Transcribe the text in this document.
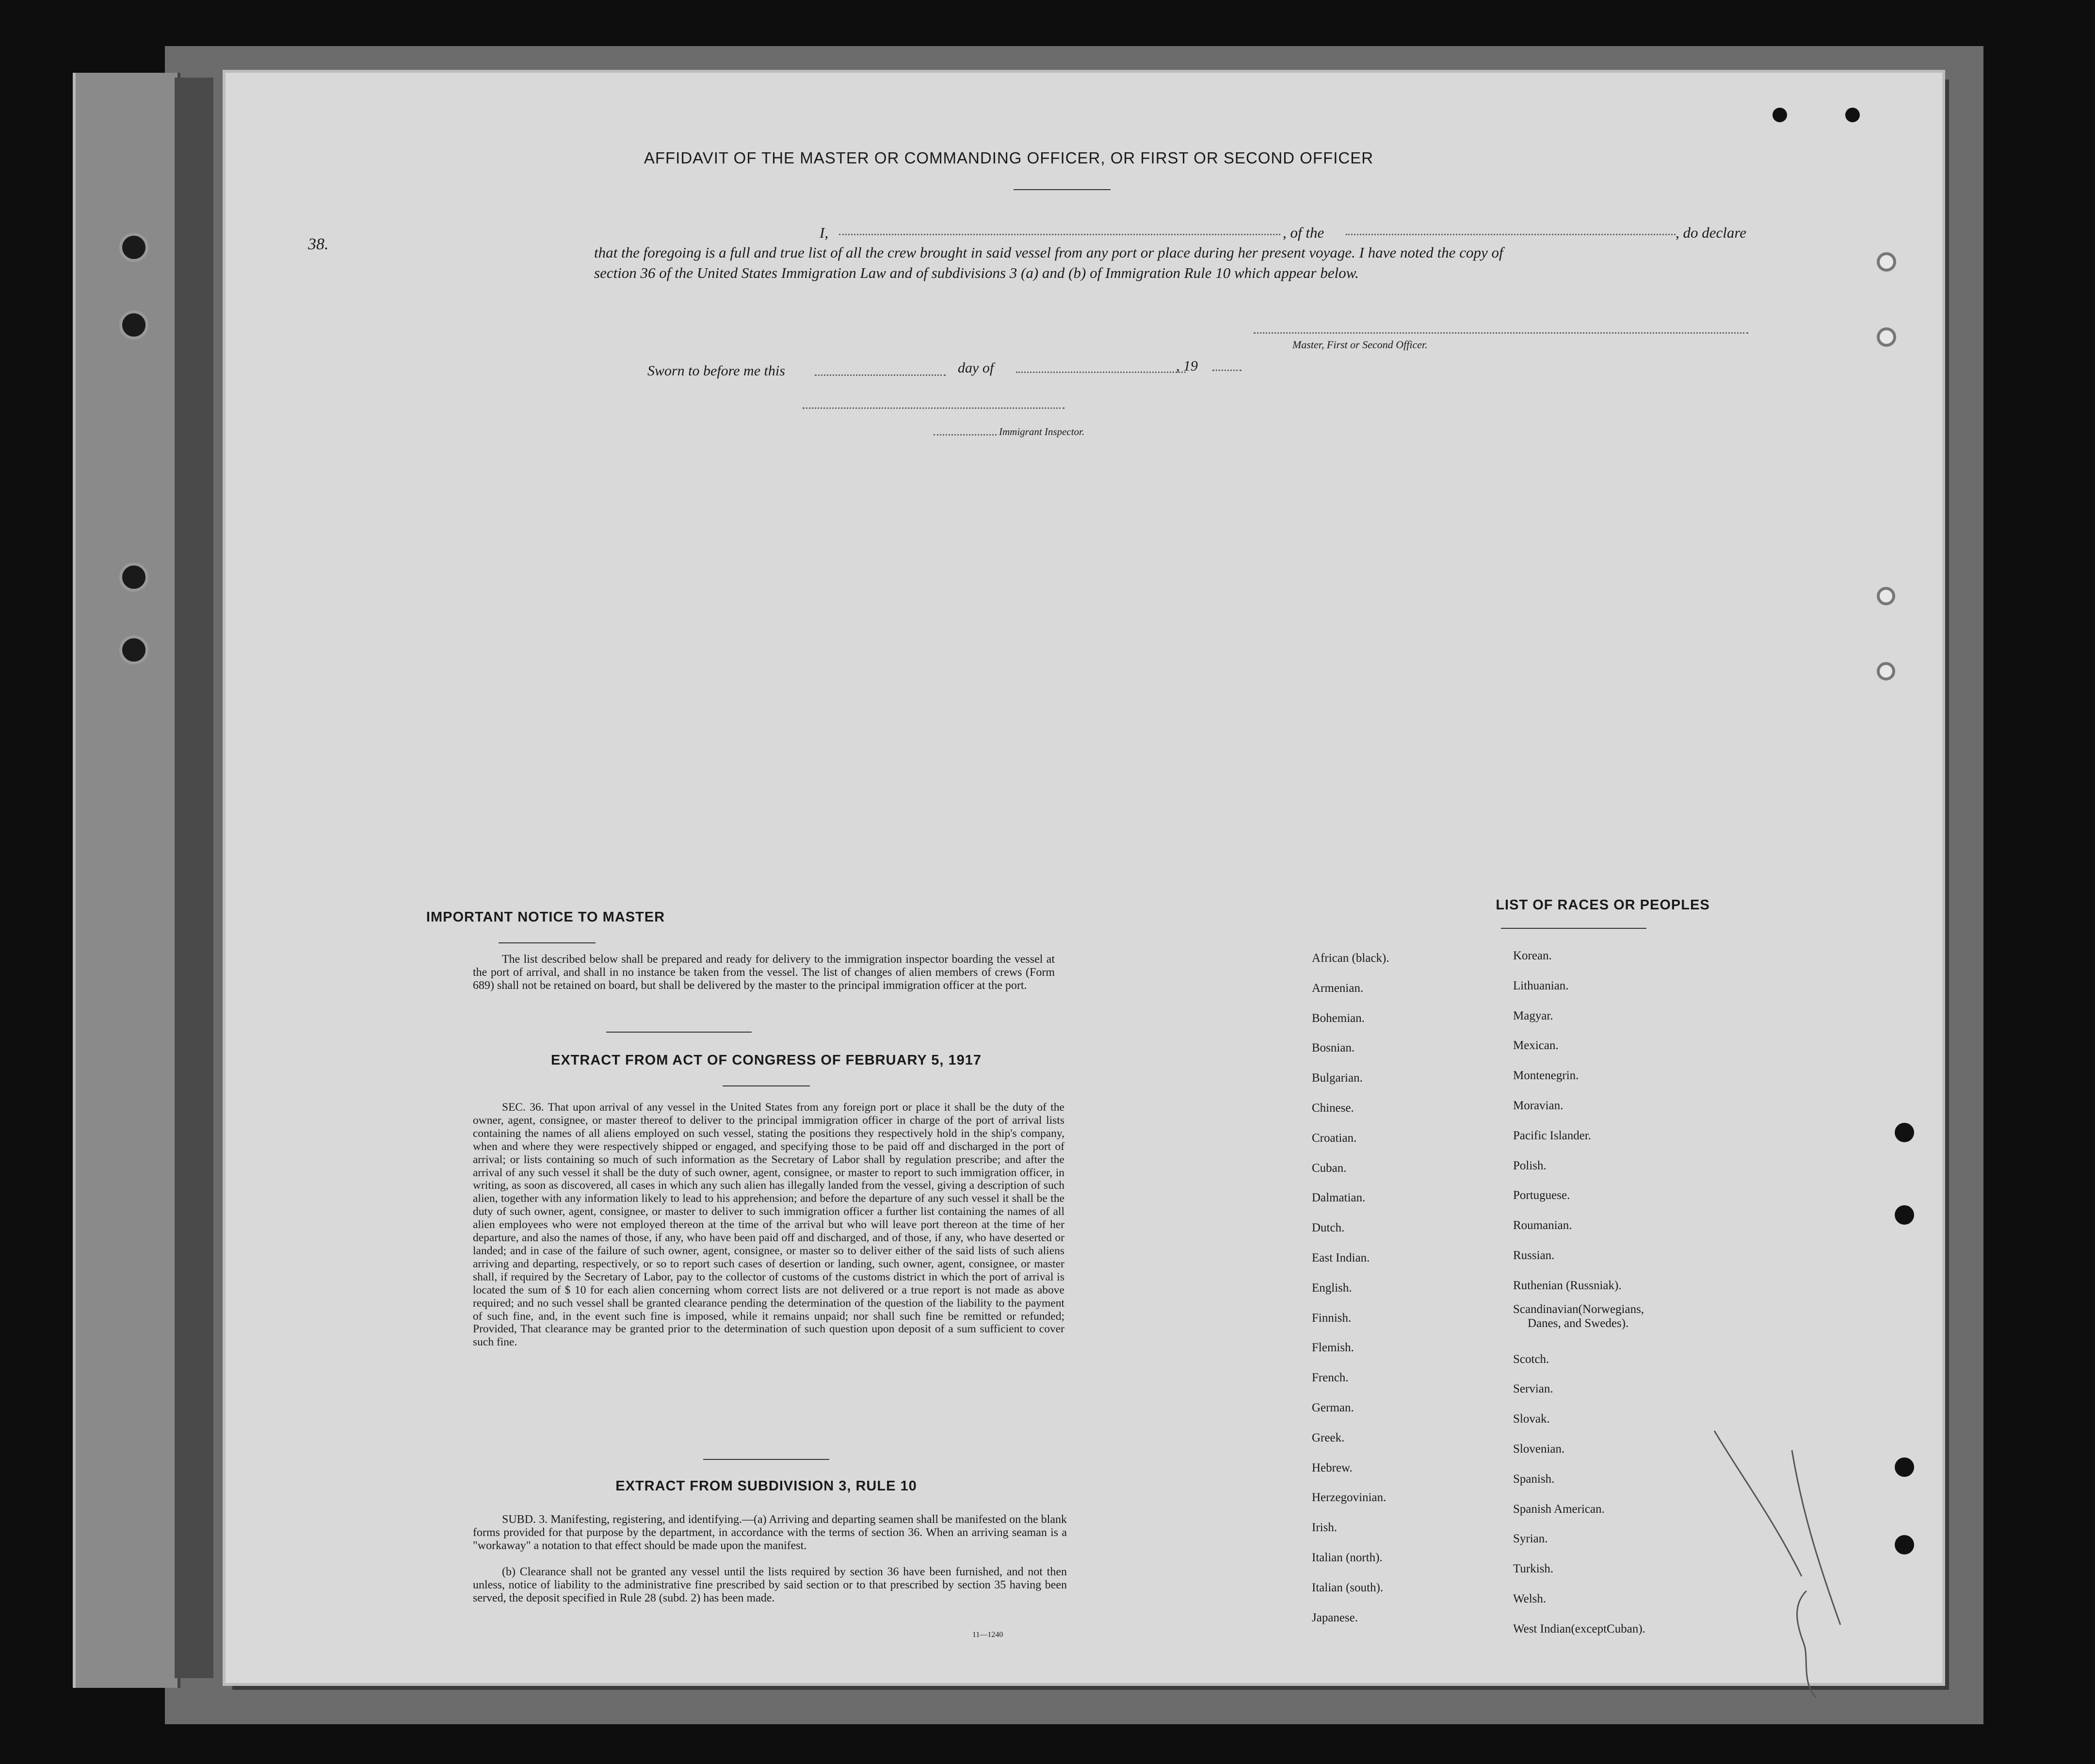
38.
AFFIDAVIT OF THE MASTER OR COMMANDING OFFICER, OR FIRST OR SECOND OFFICER
I,	, of the	, do declare
that the foregoing is a full and true list of all the crew brought in said vessel from any port or place during her present voyage. I have noted the copy of section 36 of the United States Immigration Law and of subdivisions 3 (a) and (b) of Immigration Rule 10 which appear below.
Master, First or Second Officer.
Sworn to before me this	day of	, 19
Immigrant Inspector.
IMPORTANT NOTICE TO MASTER
The list described below shall be prepared and ready for delivery to the immigration inspector boarding the vessel at the port of arrival, and shall in no instance be taken from the vessel. The list of changes of alien members of crews (Form 689) shall not be retained on board, but shall be delivered by the master to the principal immigration officer at the port.
EXTRACT FROM ACT OF CONGRESS OF FEBRUARY 5, 1917
SEC. 36. That upon arrival of any vessel in the United States from any foreign port or place it shall be the duty of the owner, agent, consignee, or master thereof to deliver to the principal immigration officer in charge of the port of arrival lists containing the names of all aliens employed on such vessel, stating the positions they respectively hold in the ship's company, when and where they were respectively shipped or engaged, and specifying those to be paid off and discharged in the port of arrival; or lists containing so much of such information as the Secretary of Labor shall by regulation prescribe; and after the arrival of any such vessel it shall be the duty of such owner, agent, consignee, or master to report to such immigration officer, in writing, as soon as discovered, all cases in which any such alien has illegally landed from the vessel, giving a description of such alien, together with any information likely to lead to his apprehension; and before the departure of any such vessel it shall be the duty of such owner, agent, consignee, or master to deliver to such immigration officer a further list containing the names of all alien employees who were not employed thereon at the time of the arrival but who will leave port thereon at the time of her departure, and also the names of those, if any, who have been paid off and discharged, and of those, if any, who have deserted or landed; and in case of the failure of such owner, agent, consignee, or master so to deliver either of the said lists of such aliens arriving and departing, respectively, or so to report such cases of desertion or landing, such owner, agent, consignee, or master shall, if required by the Secretary of Labor, pay to the collector of customs of the customs district in which the port of arrival is located the sum of $ 10 for each alien concerning whom correct lists are not delivered or a true report is not made as above required; and no such vessel shall be granted clearance pending the determination of the question of the liability to the payment of such fine, and, in the event such fine is imposed, while it remains unpaid; nor shall such fine be remitted or refunded; Provided, That clearance may be granted prior to the determination of such question upon deposit of a sum sufficient to cover such fine.
EXTRACT FROM SUBDIVISION 3, RULE 10
SUBD. 3. Manifesting, registering, and identifying.—(a) Arriving and departing seamen shall be manifested on the blank forms provided for that purpose by the department, in accordance with the terms of section 36. When an arriving seaman is a "workaway" a notation to that effect should be made upon the manifest.
(b) Clearance shall not be granted any vessel until the lists required by section 36 have been furnished, and not then unless, notice of liability to the administrative fine prescribed by said section or to that prescribed by section 35 having been served, the deposit specified in Rule 28 (subd. 2) has been made.
11—1240
LIST OF RACES OR PEOPLES
African (black).
Armenian.
Bohemian.
Bosnian.
Bulgarian.
Chinese.
Croatian.
Cuban.
Dalmatian.
Dutch.
East Indian.
English.
Finnish.
Flemish.
French.
German.
Greek.
Hebrew.
Herzegovinian.
Irish.
Italian (north).
Italian (south).
Japanese.
Korean.
Lithuanian.
Magyar.
Mexican.
Montenegrin.
Moravian.
Pacific Islander.
Polish.
Portuguese.
Roumanian.
Russian.
Ruthenian (Russniak).
Scandinavian(Norwegians,
Danes, and Swedes).
Scotch.
Servian.
Slovak.
Slovenian.
Spanish.
Spanish American.
Syrian.
Turkish.
Welsh.
West Indian(exceptCuban).
